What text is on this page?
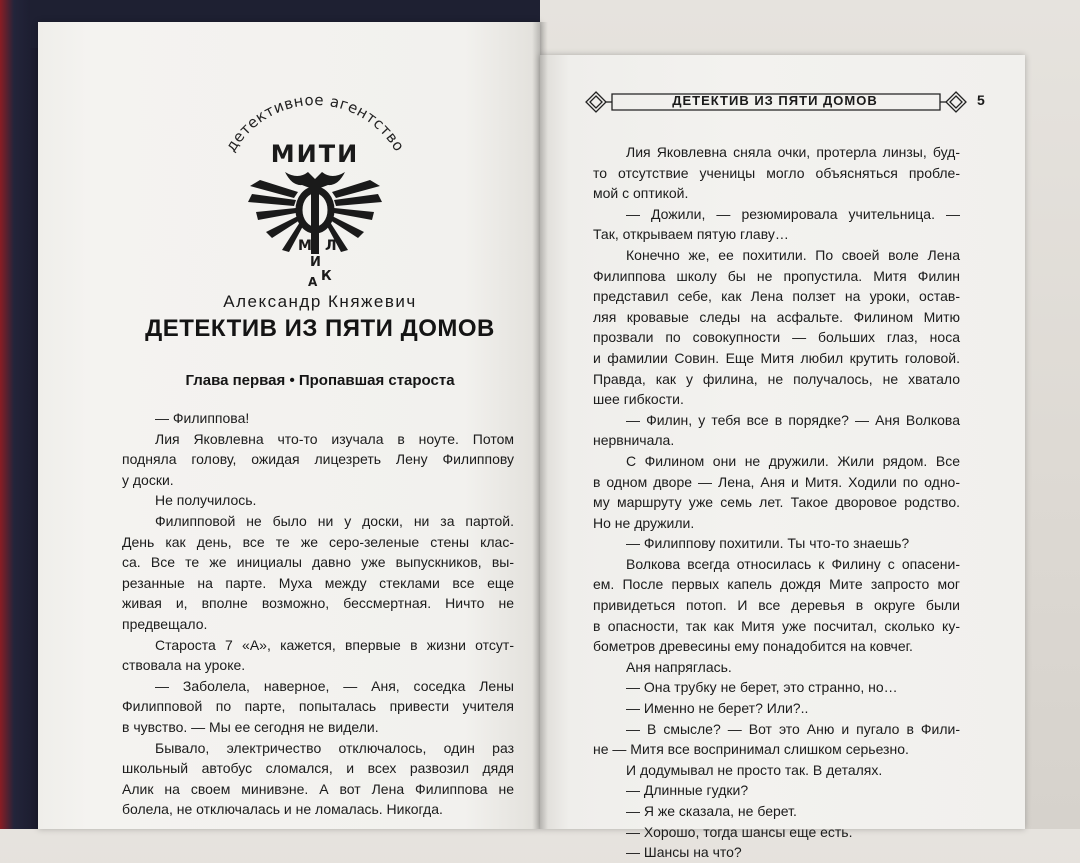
детективное агентство
МИТИ
М Л
И
К
А
Александр Княжевич
ДЕТЕКТИВ ИЗ ПЯТИ ДОМОВ
Глава первая • Пропавшая староста
— Филиппова!
Лия Яковлевна что-то изучала в ноуте. Потом
подняла голову, ожидая лицезреть Лену Филиппову
у доски.
Не получилось.
Филипповой не было ни у доски, ни за партой.
День как день, все те же серо-зеленые стены клас-
са. Все те же инициалы давно уже выпускников, вы-
резанные на парте. Муха между стеклами все еще
живая и, вполне возможно, бессмертная. Ничто не
предвещало.
Староста 7 «А», кажется, впервые в жизни отсут-
ствовала на уроке.
— Заболела, наверное, — Аня, соседка Лены
Филипповой по парте, попыталась привести учителя
в чувство. — Мы ее сегодня не видели.
Бывало, электричество отключалось, один раз
школьный автобус сломался, и всех развозил дядя
Алик на своем минивэне. А вот Лена Филиппова не
болела, не отключалась и не ломалась. Никогда.
ДЕТЕКТИВ ИЗ ПЯТИ ДОМОВ	5
Лия Яковлевна сняла очки, протерла линзы, буд-
то отсутствие ученицы могло объясняться пробле-
мой с оптикой.
— Дожили, — резюмировала учительница. —
Так, открываем пятую главу…
Конечно же, ее похитили. По своей воле Лена
Филиппова школу бы не пропустила. Митя Филин
представил себе, как Лена ползет на уроки, остав-
ляя кровавые следы на асфальте. Филином Митю
прозвали по совокупности — больших глаз, носа
и фамилии Совин. Еще Митя любил крутить головой.
Правда, как у филина, не получалось, не хватало
шее гибкости.
— Филин, у тебя все в порядке? — Аня Волкова
нервничала.
С Филином они не дружили. Жили рядом. Все
в одном дворе — Лена, Аня и Митя. Ходили по одно-
му маршруту уже семь лет. Такое дворовое родство.
Но не дружили.
— Филиппову похитили. Ты что-то знаешь?
Волкова всегда относилась к Филину с опасени-
ем. После первых капель дождя Мите запросто мог
привидеться потоп. И все деревья в округе были
в опасности, так как Митя уже посчитал, сколько ку-
бометров древесины ему понадобится на ковчег.
Аня напряглась.
— Она трубку не берет, это странно, но…
— Именно не берет? Или?..
— В смысле? — Вот это Аню и пугало в Фили-
не — Митя все воспринимал слишком серьезно.
И додумывал не просто так. В деталях.
— Длинные гудки?
— Я же сказала, не берет.
— Хорошо, тогда шансы еще есть.
— Шансы на что?
